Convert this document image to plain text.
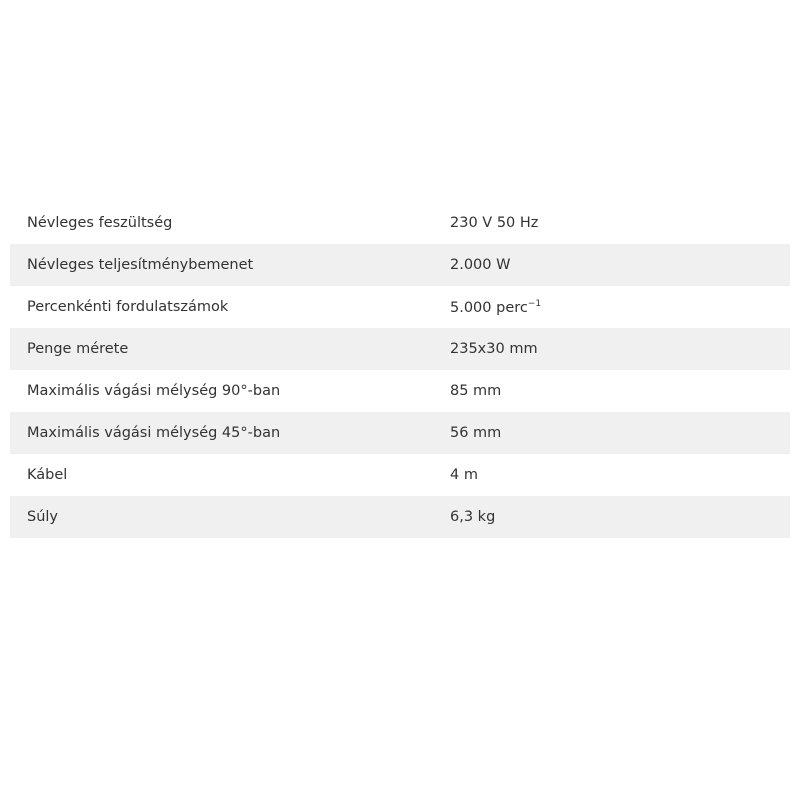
Névleges feszültség	230 V 50 Hz
Névleges teljesítménybemenet	2.000 W
Percenkénti fordulatszámok	5.000 perc$^{-1}$
Penge mérete	235x30 mm
Maximális vágási mélység 90°-ban	85 mm
Maximális vágási mélység 45°-ban	56 mm
Kábel	4 m
Súly	6,3 kg
